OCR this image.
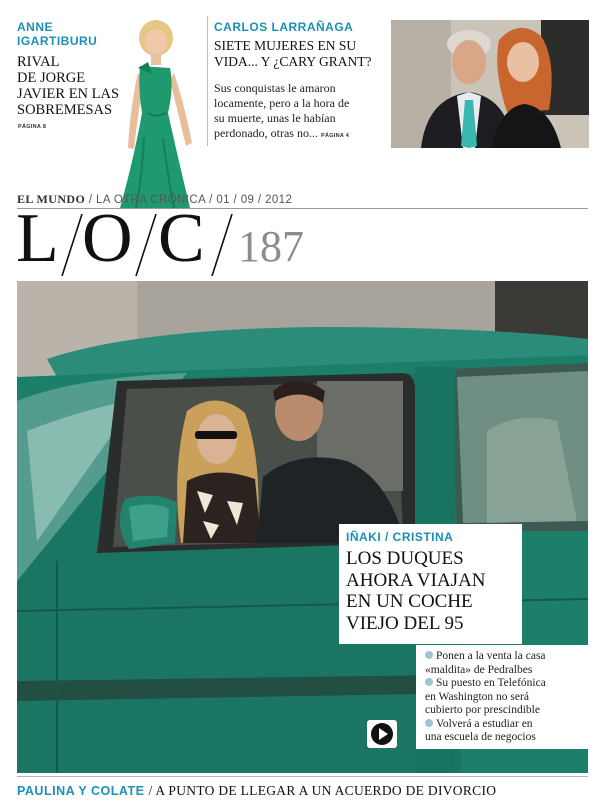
ANNE
IGARTIBURU
RIVAL
DE JORGE
JAVIER EN LAS
SOBREMESAS
PÁGINA 8
CARLOS LARRAÑAGA
SIETE MUJERES EN SU
VIDA... Y ¿CARY GRANT?
Sus conquistas le amaron
locamente, pero a la hora de
su muerte, unas le habían
perdonado, otras no... PÁGINA 4
EL MUNDO / LA OTRA CRÓNICA / 01 / 09 / 2012
L O C 187
IÑAKI / CRISTINA
LOS DUQUES
AHORA VIAJAN
EN UN COCHE
VIEJO DEL 95
Ponen a la venta la casa
«maldita» de Pedralbes
Su puesto en Telefónica
en Washington no será
cubierto por prescindible
Volverá a estudiar en
una escuela de negocios
PAULINA Y COLATE / A PUNTO DE LLEGAR A UN ACUERDO DE DIVORCIO
